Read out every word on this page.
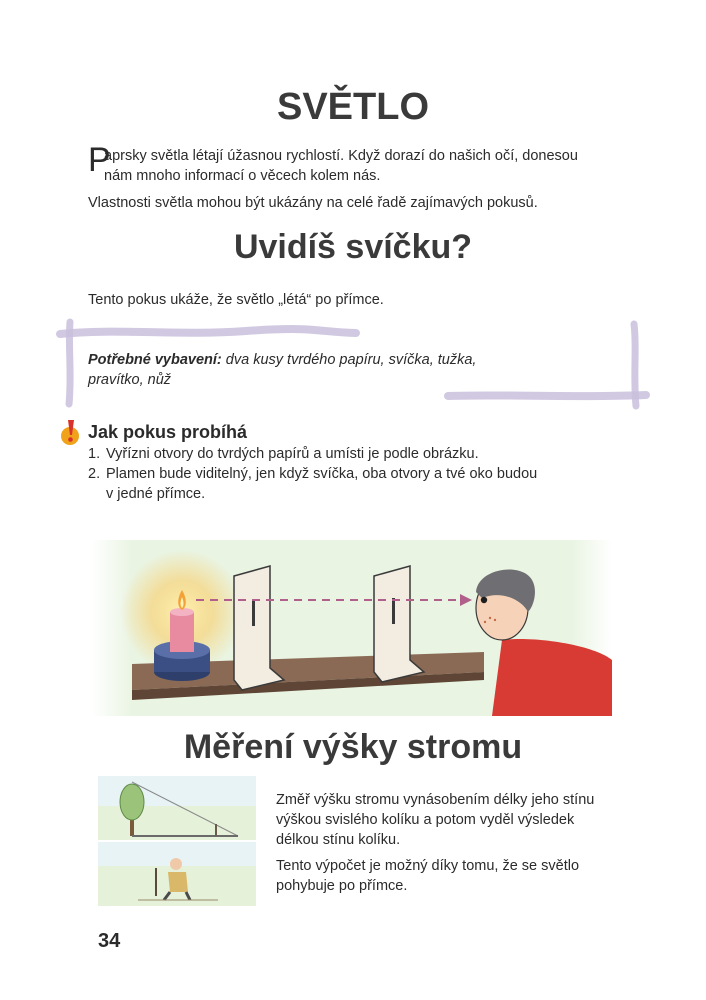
SVĚTLO
P

aprsky světla létají úžasnou rychlostí. Když dorazí do našich očí, donesou

nám mnoho informací o věcech kolem nás.

Vlastnosti světla mohou být ukázány na celé řadě zajímavých pokusů.

Uvidíš svíčku?
Tento pokus ukáže, že světlo „létá“ po přímce.
Potřebné vybavení: dva kusy tvrdého papíru, svíčka, tužka,
pravítko, nůž
Jak pokus probíhá
1. Vyřízni otvory do tvrdých papírů a umísti je podle obrázku.
2. Plamen bude viditelný, jen když svíčka, oba otvory a tvé oko budou
v jedné přímce.
Měření výšky stromu
Změř výšku stromu vynásobením délky jeho stínu
výškou svislého kolíku a potom vyděl výsledek
délkou stínu kolíku.
Tento výpočet je možný díky tomu, že se světlo
pohybuje po přímce.
34
